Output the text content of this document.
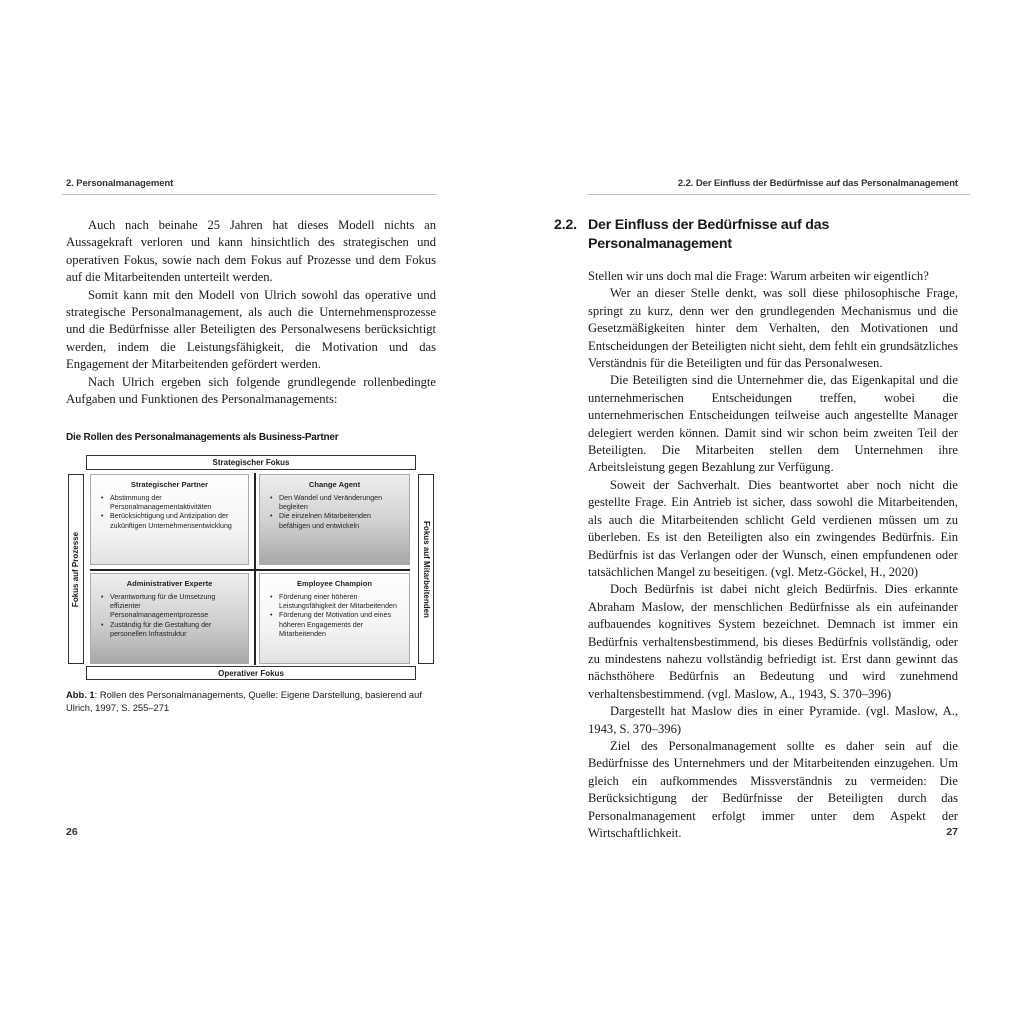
2. Personalmanagement

Auch nach beinahe 25 Jahren hat dieses Modell nichts an Aussagekraft verloren und kann hinsichtlich des strategischen und operativen Fokus, sowie nach dem Fokus auf Prozesse und dem Fokus auf die Mitarbeitenden unterteilt werden.

Somit kann mit den Modell von Ulrich sowohl das operative und strategische Personalmanagement, als auch die Unternehmensprozesse und die Bedürfnisse aller Beteiligten des Personalwesens berücksichtigt werden, indem die Leistungsfähigkeit, die Motivation und das Engagement der Mitarbeitenden gefördert werden.

Nach Ulrich ergeben sich folgende grundlegende rollenbedingte Aufgaben und Funktionen des Personalmanagements:

Die Rollen des Personalmanagements als Business-Partner
Strategischer Fokus
Operativer Fokus
Fokus auf Prozesse	Fokus auf Mitarbeitenden
Strategischer Partner
• Abstimmung der Personalmanagementaktivitäten
• Berücksichtigung und Antizipation der zukünftigen Unternehmensentwicklung
Change Agent
• Den Wandel und Veränderungen begleiten
• Die einzelnen Mitarbeitenden befähigen und entwickeln
Administrativer Experte
• Verantwortung für die Umsetzung effizienter Personalmanagementprozesse
• Zuständig für die Gestaltung der personellen Infrastruktur
Employee Champion
• Förderung einer höheren Leistungsfähigkeit der Mitarbeitenden
• Förderung der Motivation und eines höheren Engagements der Mitarbeitenden
Abb. 1: Rollen des Personalmanagements, Quelle: Eigene Darstellung, basierend auf Ulrich, 1997, S. 255–271
26
2.2. Der Einfluss der Bedürfnisse auf das Personalmanagement
27
2.2. Der Einfluss der Bedürfnisse auf das
Personalmanagement

Stellen wir uns doch mal die Frage: Warum arbeiten wir eigentlich?

Wer an dieser Stelle denkt, was soll diese philosophische Frage, springt zu kurz, denn wer den grundlegenden Mechanismus und die Gesetzmäßigkeiten hinter dem Verhalten, den Motivationen und Entscheidungen der Beteiligten nicht sieht, dem fehlt ein grundsätzliches Verständnis für die Beteiligten und für das Personalwesen.

Die Beteiligten sind die Unternehmer die, das Eigenkapital und die unternehmerischen Entscheidungen treffen, wobei die unternehmerischen Entscheidungen teilweise auch angestellte Manager delegiert werden können. Damit sind wir schon beim zweiten Teil der Beteiligten. Die Mitarbeiten stellen dem Unternehmen ihre Arbeitsleistung gegen Bezahlung zur Verfügung.

Soweit der Sachverhalt. Dies beantwortet aber noch nicht die gestellte Frage. Ein Antrieb ist sicher, dass sowohl die Mitarbeitenden, als auch die Mitarbeitenden schlicht Geld verdienen müssen um zu überleben. Es ist den Beteiligten also ein zwingendes Bedürfnis. Ein Bedürfnis ist das Verlangen oder der Wunsch, einen empfundenen oder tatsächlichen Mangel zu beseitigen. (vgl. Metz-Göckel, H., 2020)

Doch Bedürfnis ist dabei nicht gleich Bedürfnis. Dies erkannte Abraham Maslow, der menschlichen Bedürfnisse als ein aufeinander aufbauendes kognitives System bezeichnet. Demnach ist immer ein Bedürfnis verhaltensbestimmend, bis dieses Bedürfnis vollständig, oder zu mindestens nahezu vollständig befriedigt ist. Erst dann gewinnt das nächsthöhere Bedürfnis an Bedeutung und wird zunehmend verhaltensbestimmend. (vgl. Maslow, A., 1943, S. 370–396)

Dargestellt hat Maslow dies in einer Pyramide. (vgl. Maslow, A., 1943, S. 370–396)

Ziel des Personalmanagement sollte es daher sein auf die Bedürfnisse des Unternehmers und der Mitarbeitenden einzugehen. Um gleich ein aufkommendes Missverständnis zu vermeiden: Die Berücksichtigung der Bedürfnisse der Beteiligten durch das Personalmanagement erfolgt immer unter dem Aspekt der Wirtschaftlichkeit.
